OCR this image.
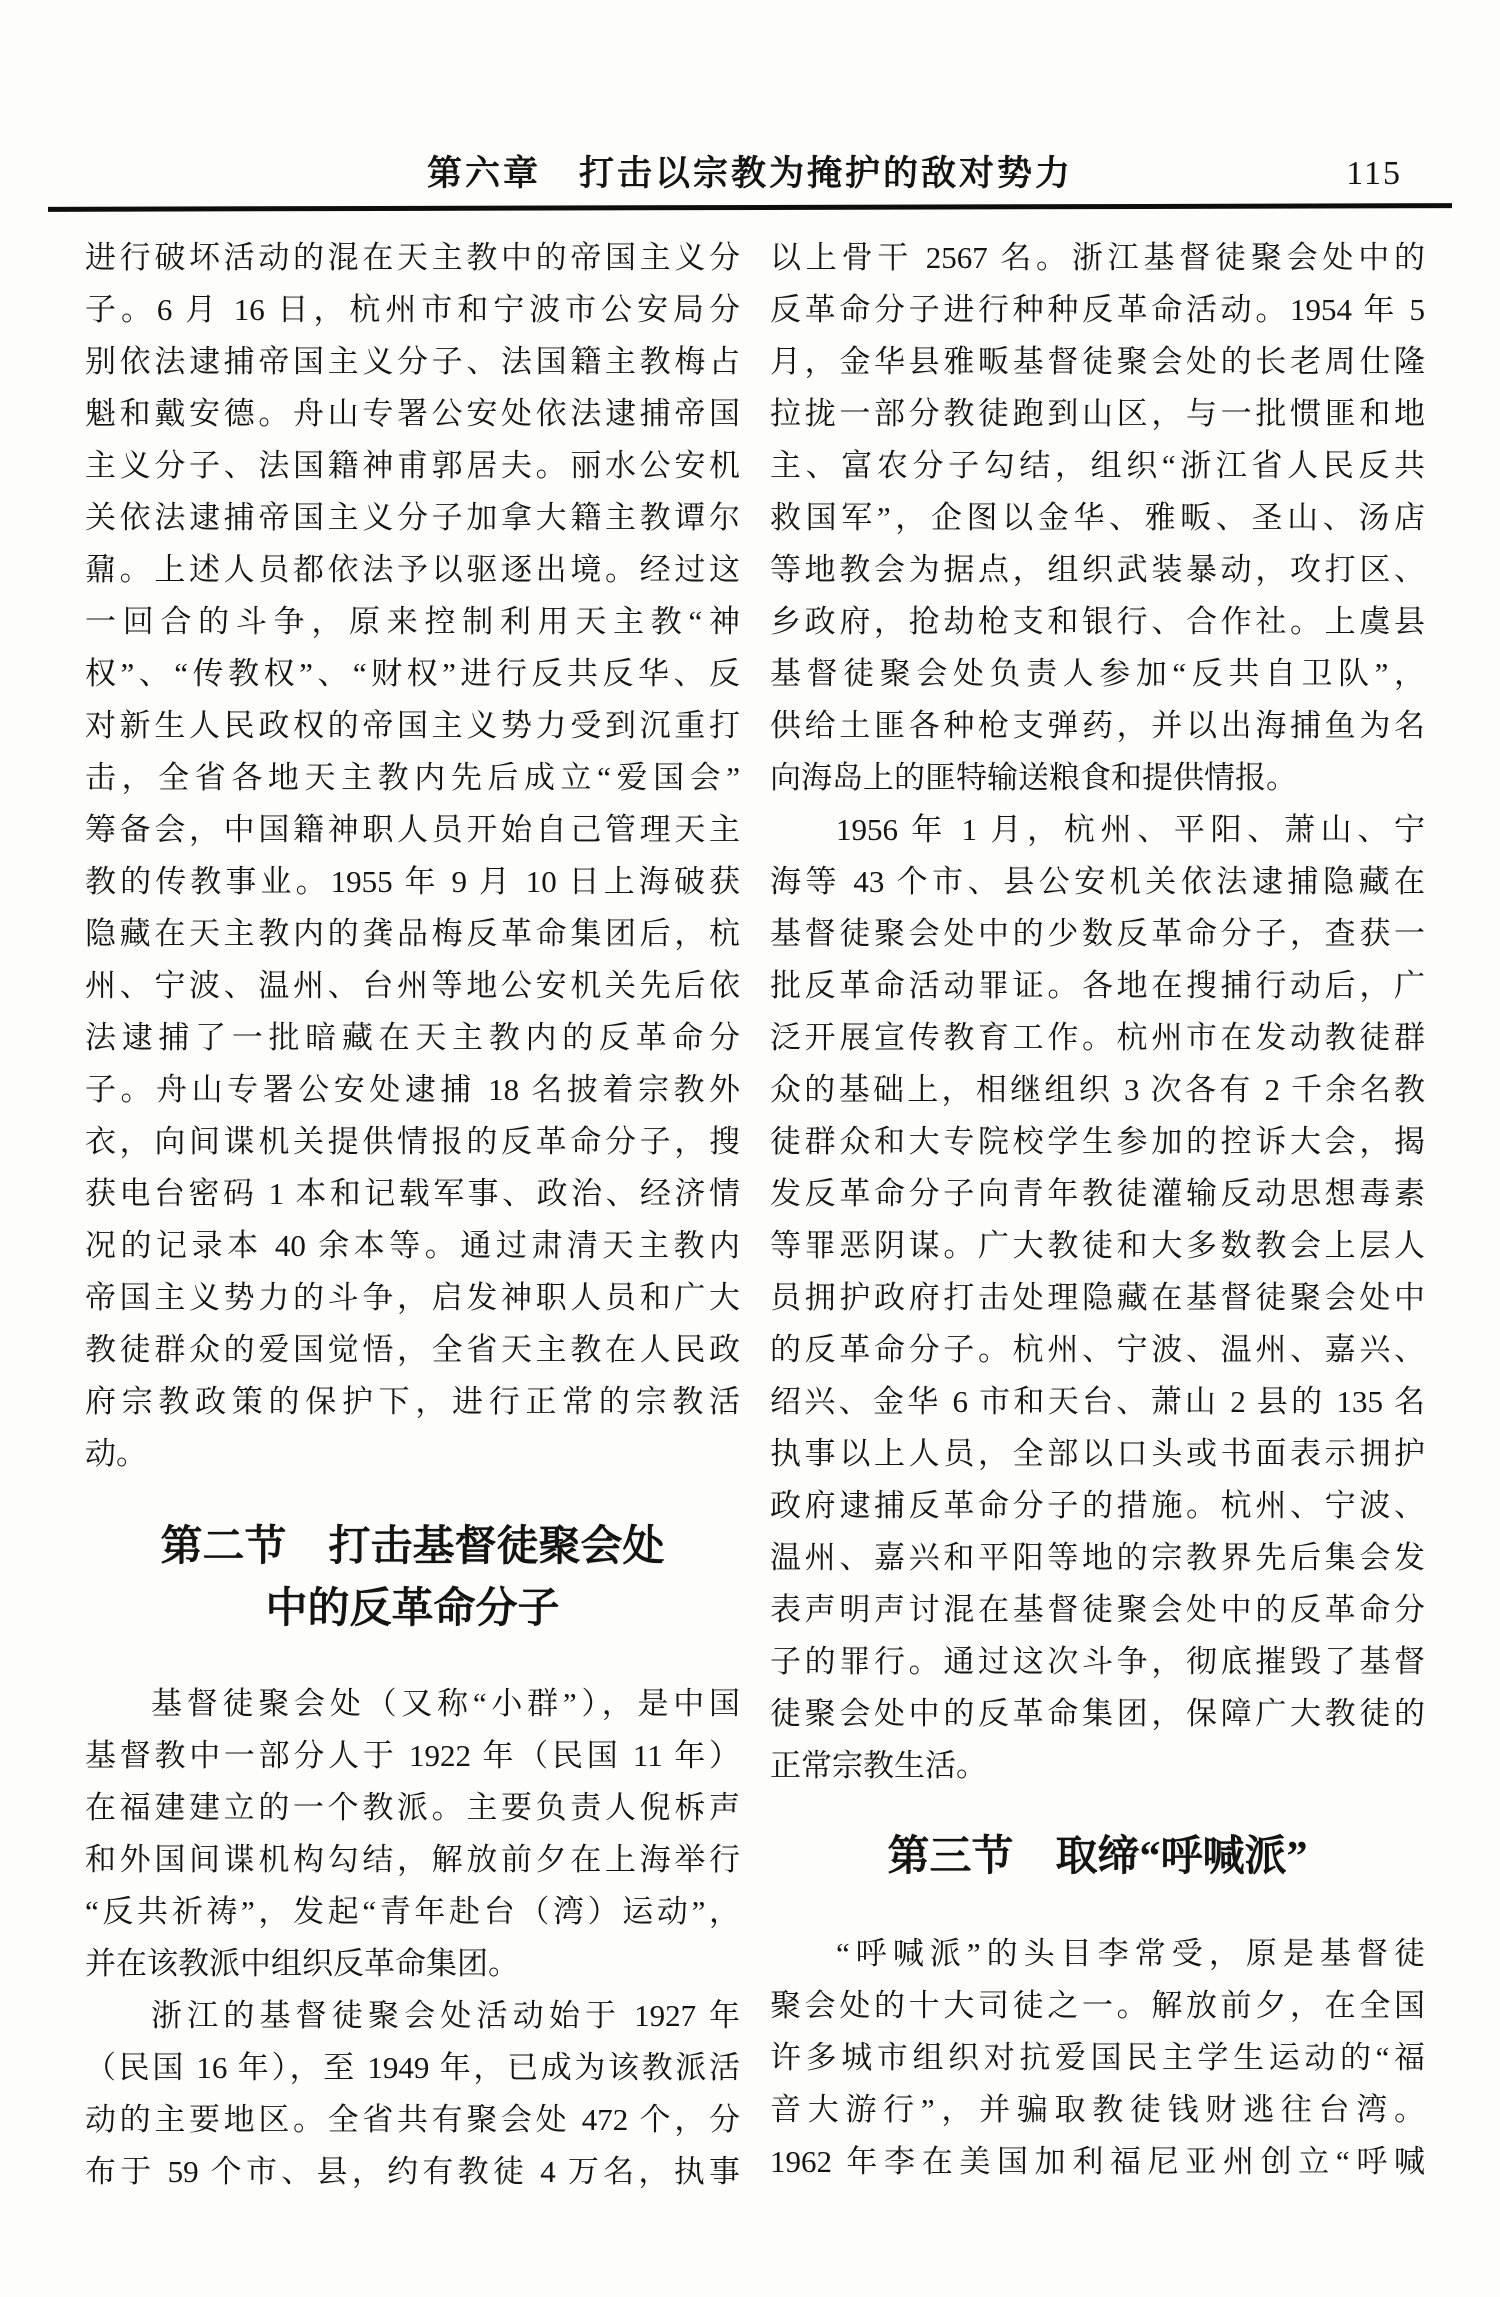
第六章　打击以宗教为掩护的敌对势力	115
进行破坏活动的混在天主教中的帝国主义分
子。6 月 16 日，杭州市和宁波市公安局分
别依法逮捕帝国主义分子、法国籍主教梅占
魁和戴安德。舟山专署公安处依法逮捕帝国
主义分子、法国籍神甫郭居夫。丽水公安机
关依法逮捕帝国主义分子加拿大籍主教谭尔
鼐。上述人员都依法予以驱逐出境。经过这
一回合的斗争，原来控制利用天主教“神
权”、“传教权”、“财权”进行反共反华、反
对新生人民政权的帝国主义势力受到沉重打
击，全省各地天主教内先后成立“爱国会”
筹备会，中国籍神职人员开始自己管理天主
教的传教事业。1955 年 9 月 10 日上海破获
隐藏在天主教内的龚品梅反革命集团后，杭
州、宁波、温州、台州等地公安机关先后依
法逮捕了一批暗藏在天主教内的反革命分
子。舟山专署公安处逮捕 18 名披着宗教外
衣，向间谍机关提供情报的反革命分子，搜
获电台密码 1 本和记载军事、政治、经济情
况的记录本 40 余本等。通过肃清天主教内
帝国主义势力的斗争，启发神职人员和广大
教徒群众的爱国觉悟，全省天主教在人民政
府宗教政策的保护下，进行正常的宗教活
动。
第二节　打击基督徒聚会处
中的反革命分子
基督徒聚会处（又称“小群”），是中国
基督教中一部分人于 1922 年（民国 11 年）
在福建建立的一个教派。主要负责人倪柝声
和外国间谍机构勾结，解放前夕在上海举行
“反共祈祷”，发起“青年赴台（湾）运动”，
并在该教派中组织反革命集团。
浙江的基督徒聚会处活动始于 1927 年
（民国 16 年），至 1949 年，已成为该教派活
动的主要地区。全省共有聚会处 472 个，分
布于 59 个市、县，约有教徒 4 万名，执事
以上骨干 2567 名。浙江基督徒聚会处中的
反革命分子进行种种反革命活动。1954 年 5
月，金华县雅畈基督徒聚会处的长老周仕隆
拉拢一部分教徒跑到山区，与一批惯匪和地
主、富农分子勾结，组织“浙江省人民反共
救国军”，企图以金华、雅畈、圣山、汤店
等地教会为据点，组织武装暴动，攻打区、
乡政府，抢劫枪支和银行、合作社。上虞县
基督徒聚会处负责人参加“反共自卫队”，
供给土匪各种枪支弹药，并以出海捕鱼为名
向海岛上的匪特输送粮食和提供情报。
1956 年 1 月，杭州、平阳、萧山、宁
海等 43 个市、县公安机关依法逮捕隐藏在
基督徒聚会处中的少数反革命分子，查获一
批反革命活动罪证。各地在搜捕行动后，广
泛开展宣传教育工作。杭州市在发动教徒群
众的基础上，相继组织 3 次各有 2 千余名教
徒群众和大专院校学生参加的控诉大会，揭
发反革命分子向青年教徒灌输反动思想毒素
等罪恶阴谋。广大教徒和大多数教会上层人
员拥护政府打击处理隐藏在基督徒聚会处中
的反革命分子。杭州、宁波、温州、嘉兴、
绍兴、金华 6 市和天台、萧山 2 县的 135 名
执事以上人员，全部以口头或书面表示拥护
政府逮捕反革命分子的措施。杭州、宁波、
温州、嘉兴和平阳等地的宗教界先后集会发
表声明声讨混在基督徒聚会处中的反革命分
子的罪行。通过这次斗争，彻底摧毁了基督
徒聚会处中的反革命集团，保障广大教徒的
正常宗教生活。
第三节　取缔“呼喊派”
“呼喊派”的头目李常受，原是基督徒
聚会处的十大司徒之一。解放前夕，在全国
许多城市组织对抗爱国民主学生运动的“福
音大游行”，并骗取教徒钱财逃往台湾。
1962 年李在美国加利福尼亚州创立“呼喊
